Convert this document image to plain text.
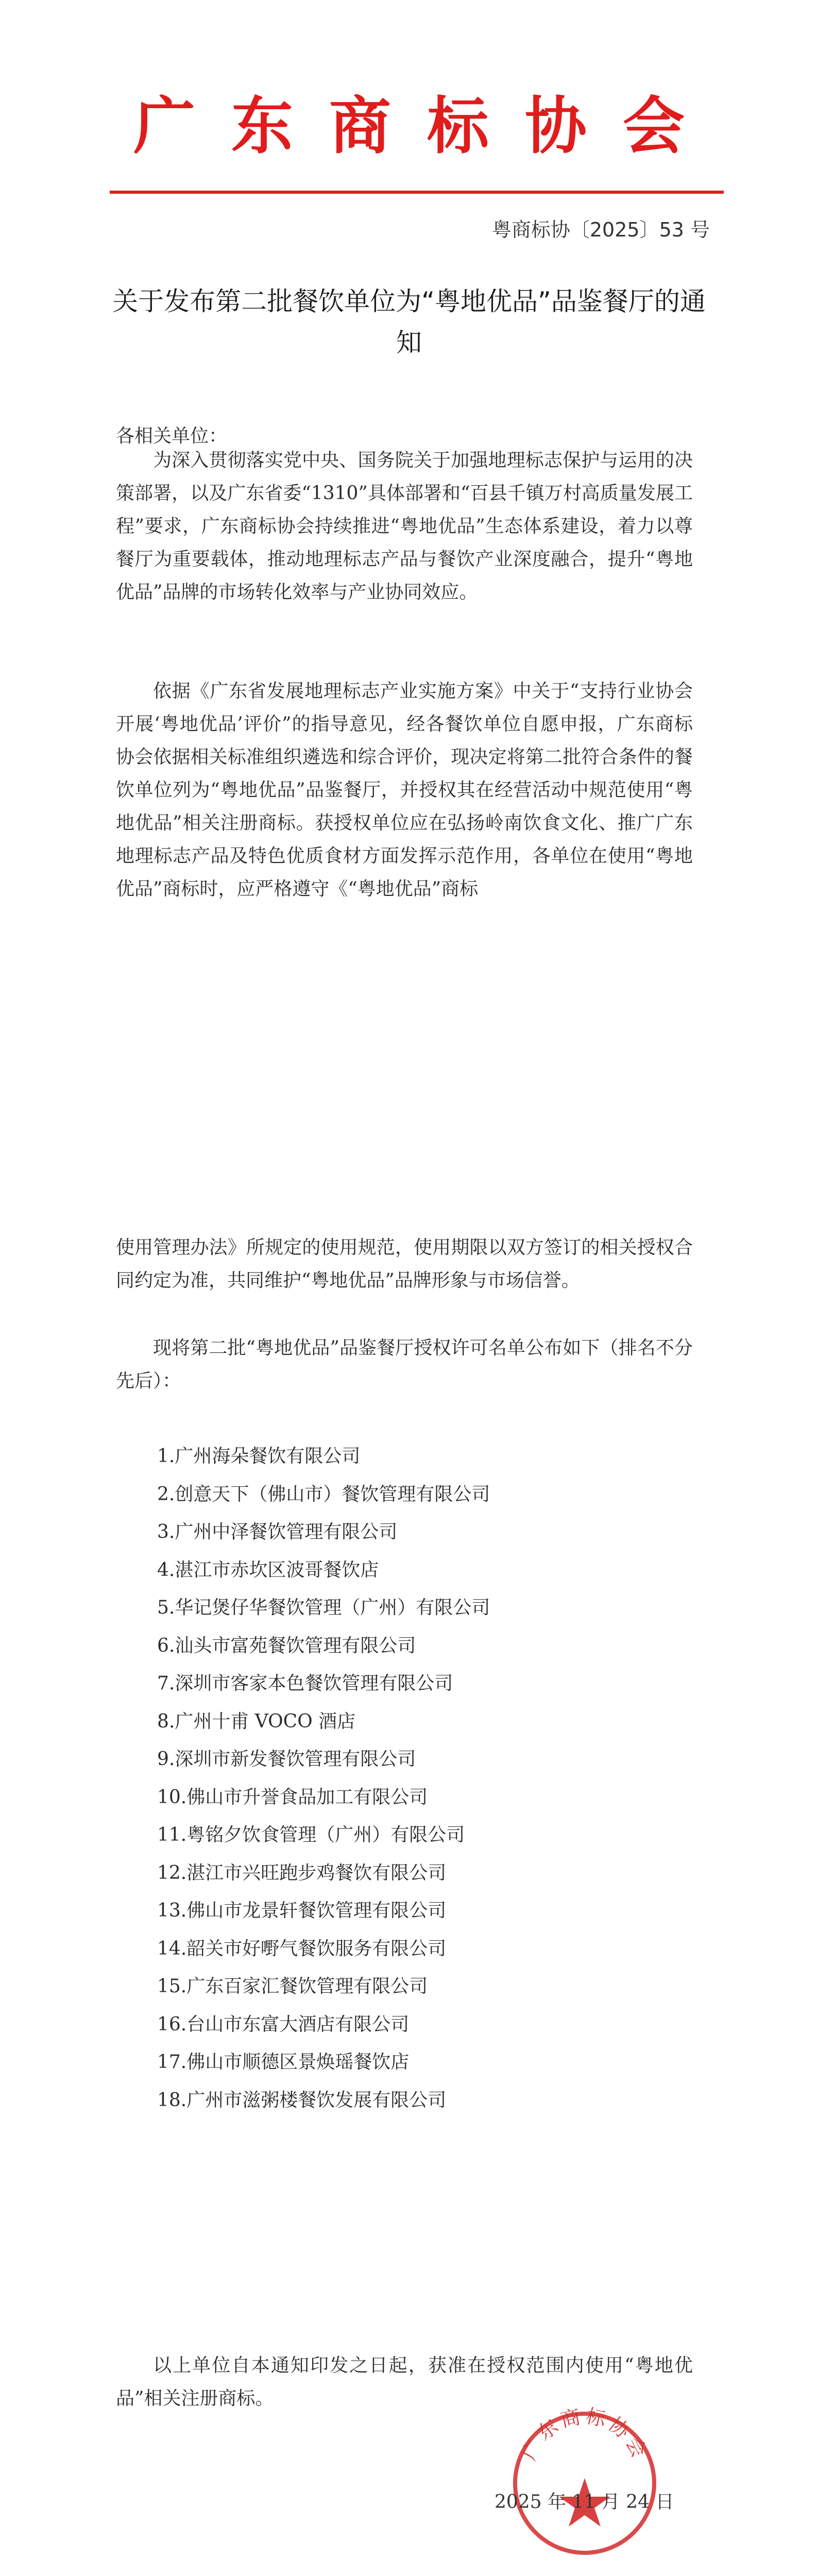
广东商标协会
粤商标协〔2025〕53 号
关于发布第二批餐饮单位为“粤地优品”品鉴餐厅的通知
各相关单位：

为深入贯彻落实党中央、国务院关于加强地理标志保护与运用的决策部署，以及广东省委“1310”具体部署和“百县千镇万村高质量发展工程”要求，广东商标协会持续推进“粤地优品”生态体系建设，着力以尊餐厅为重要载体，推动地理标志产品与餐饮产业深度融合，提升“粤地优品”品牌的市场转化效率与产业协同效应。

依据《广东省发展地理标志产业实施方案》中关于“支持行业协会开展‘粤地优品’评价”的指导意见，经各餐饮单位自愿申报，广东商标协会依据相关标准组织遴选和综合评价，现决定将第二批符合条件的餐饮单位列为“粤地优品”品鉴餐厅，并授权其在经营活动中规范使用“粤地优品”相关注册商标。获授权单位应在弘扬岭南饮食文化、推广广东地理标志产品及特色优质食材方面发挥示范作用，各单位在使用“粤地优品”商标时，应严格遵守《“粤地优品”商标

使用管理办法》所规定的使用规范，使用期限以双方签订的相关授权合同约定为准，共同维护“粤地优品”品牌形象与市场信誉。

现将第二批“粤地优品”品鉴餐厅授权许可名单公布如下（排名不分先后）：

1.广州海朵餐饮有限公司
2.创意天下（佛山市）餐饮管理有限公司
3.广州中泽餐饮管理有限公司
4.湛江市赤坎区波哥餐饮店
5.华记煲仔华餐饮管理（广州）有限公司
6.汕头市富苑餐饮管理有限公司
7.深圳市客家本色餐饮管理有限公司
8.广州十甫 VOCO 酒店
9.深圳市新发餐饮管理有限公司
10.佛山市升誉食品加工有限公司
11.粤铭夕饮食管理（广州）有限公司
12.湛江市兴旺跑步鸡餐饮有限公司
13.佛山市龙景轩餐饮管理有限公司
14.韶关市好嘢气餐饮服务有限公司
15.广东百家汇餐饮管理有限公司
16.台山市东富大酒店有限公司
17.佛山市顺德区景焕瑶餐饮店
18.广州市滋粥楼餐饮发展有限公司

以上单位自本通知印发之日起，获准在授权范围内使用“粤地优品”相关注册商标。

广东商标协会
2025 年 11 月 24 日
